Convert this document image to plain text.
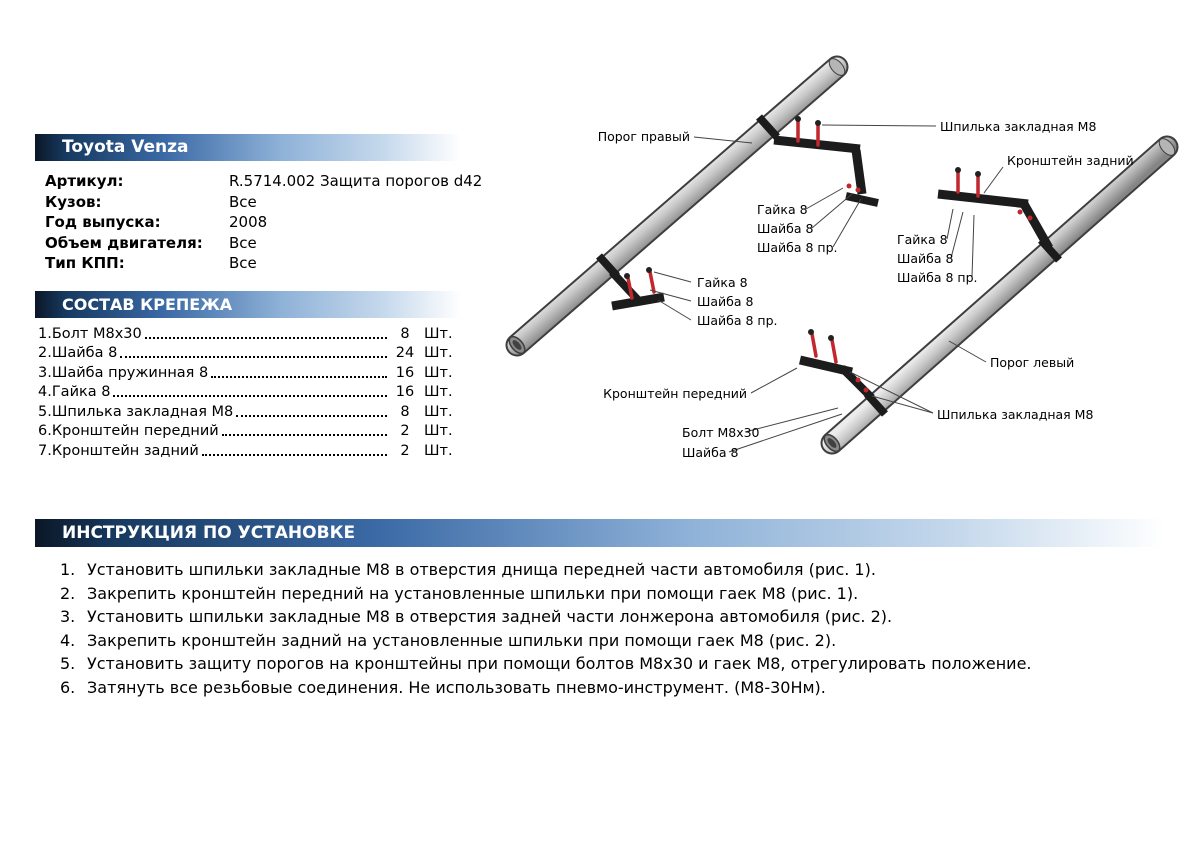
Toyota Venza
Артикул:	R.5714.002 Защита порогов d42
Кузов:	Все
Год выпуска:	2008
Объем двигателя:	Все
Тип КПП:	Все
СОСТАВ КРЕПЕЖА
1.Болт М8х30	8 Шт.
2.Шайба 8	24 Шт.
3.Шайба пружинная 8	16 Шт.
4.Гайка 8	16 Шт.
5.Шпилька закладная М8	8 Шт.
6.Кронштейн передний	2 Шт.
7.Кронштейн задний	2 Шт.
Порог правый
Шпилька закладная М8
Кронштейн задний
Гайка 8
Шайба 8
Шайба 8 пр.
Гайка 8
Шайба 8
Шайба 8 пр.
Гайка 8
Шайба 8
Шайба 8 пр.
Порог левый
Кронштейн передний
Болт М8х30
Шайба 8
Шпилька закладная М8
ИНСТРУКЦИЯ ПО УСТАНОВКЕ
1. Установить шпильки закладные М8 в отверстия днища передней части автомобиля (рис. 1).
2. Закрепить кронштейн передний на установленные шпильки при помощи гаек М8 (рис. 1).
3. Установить шпильки закладные М8 в отверстия задней части лонжерона автомобиля (рис. 2).
4. Закрепить кронштейн задний на установленные шпильки при помощи гаек М8 (рис. 2).
5. Установить защиту порогов на кронштейны при помощи болтов М8х30 и гаек М8, отрегулировать положение.
6. Затянуть все резьбовые соединения. Не использовать пневмо-инструмент. (М8-30Нм).
